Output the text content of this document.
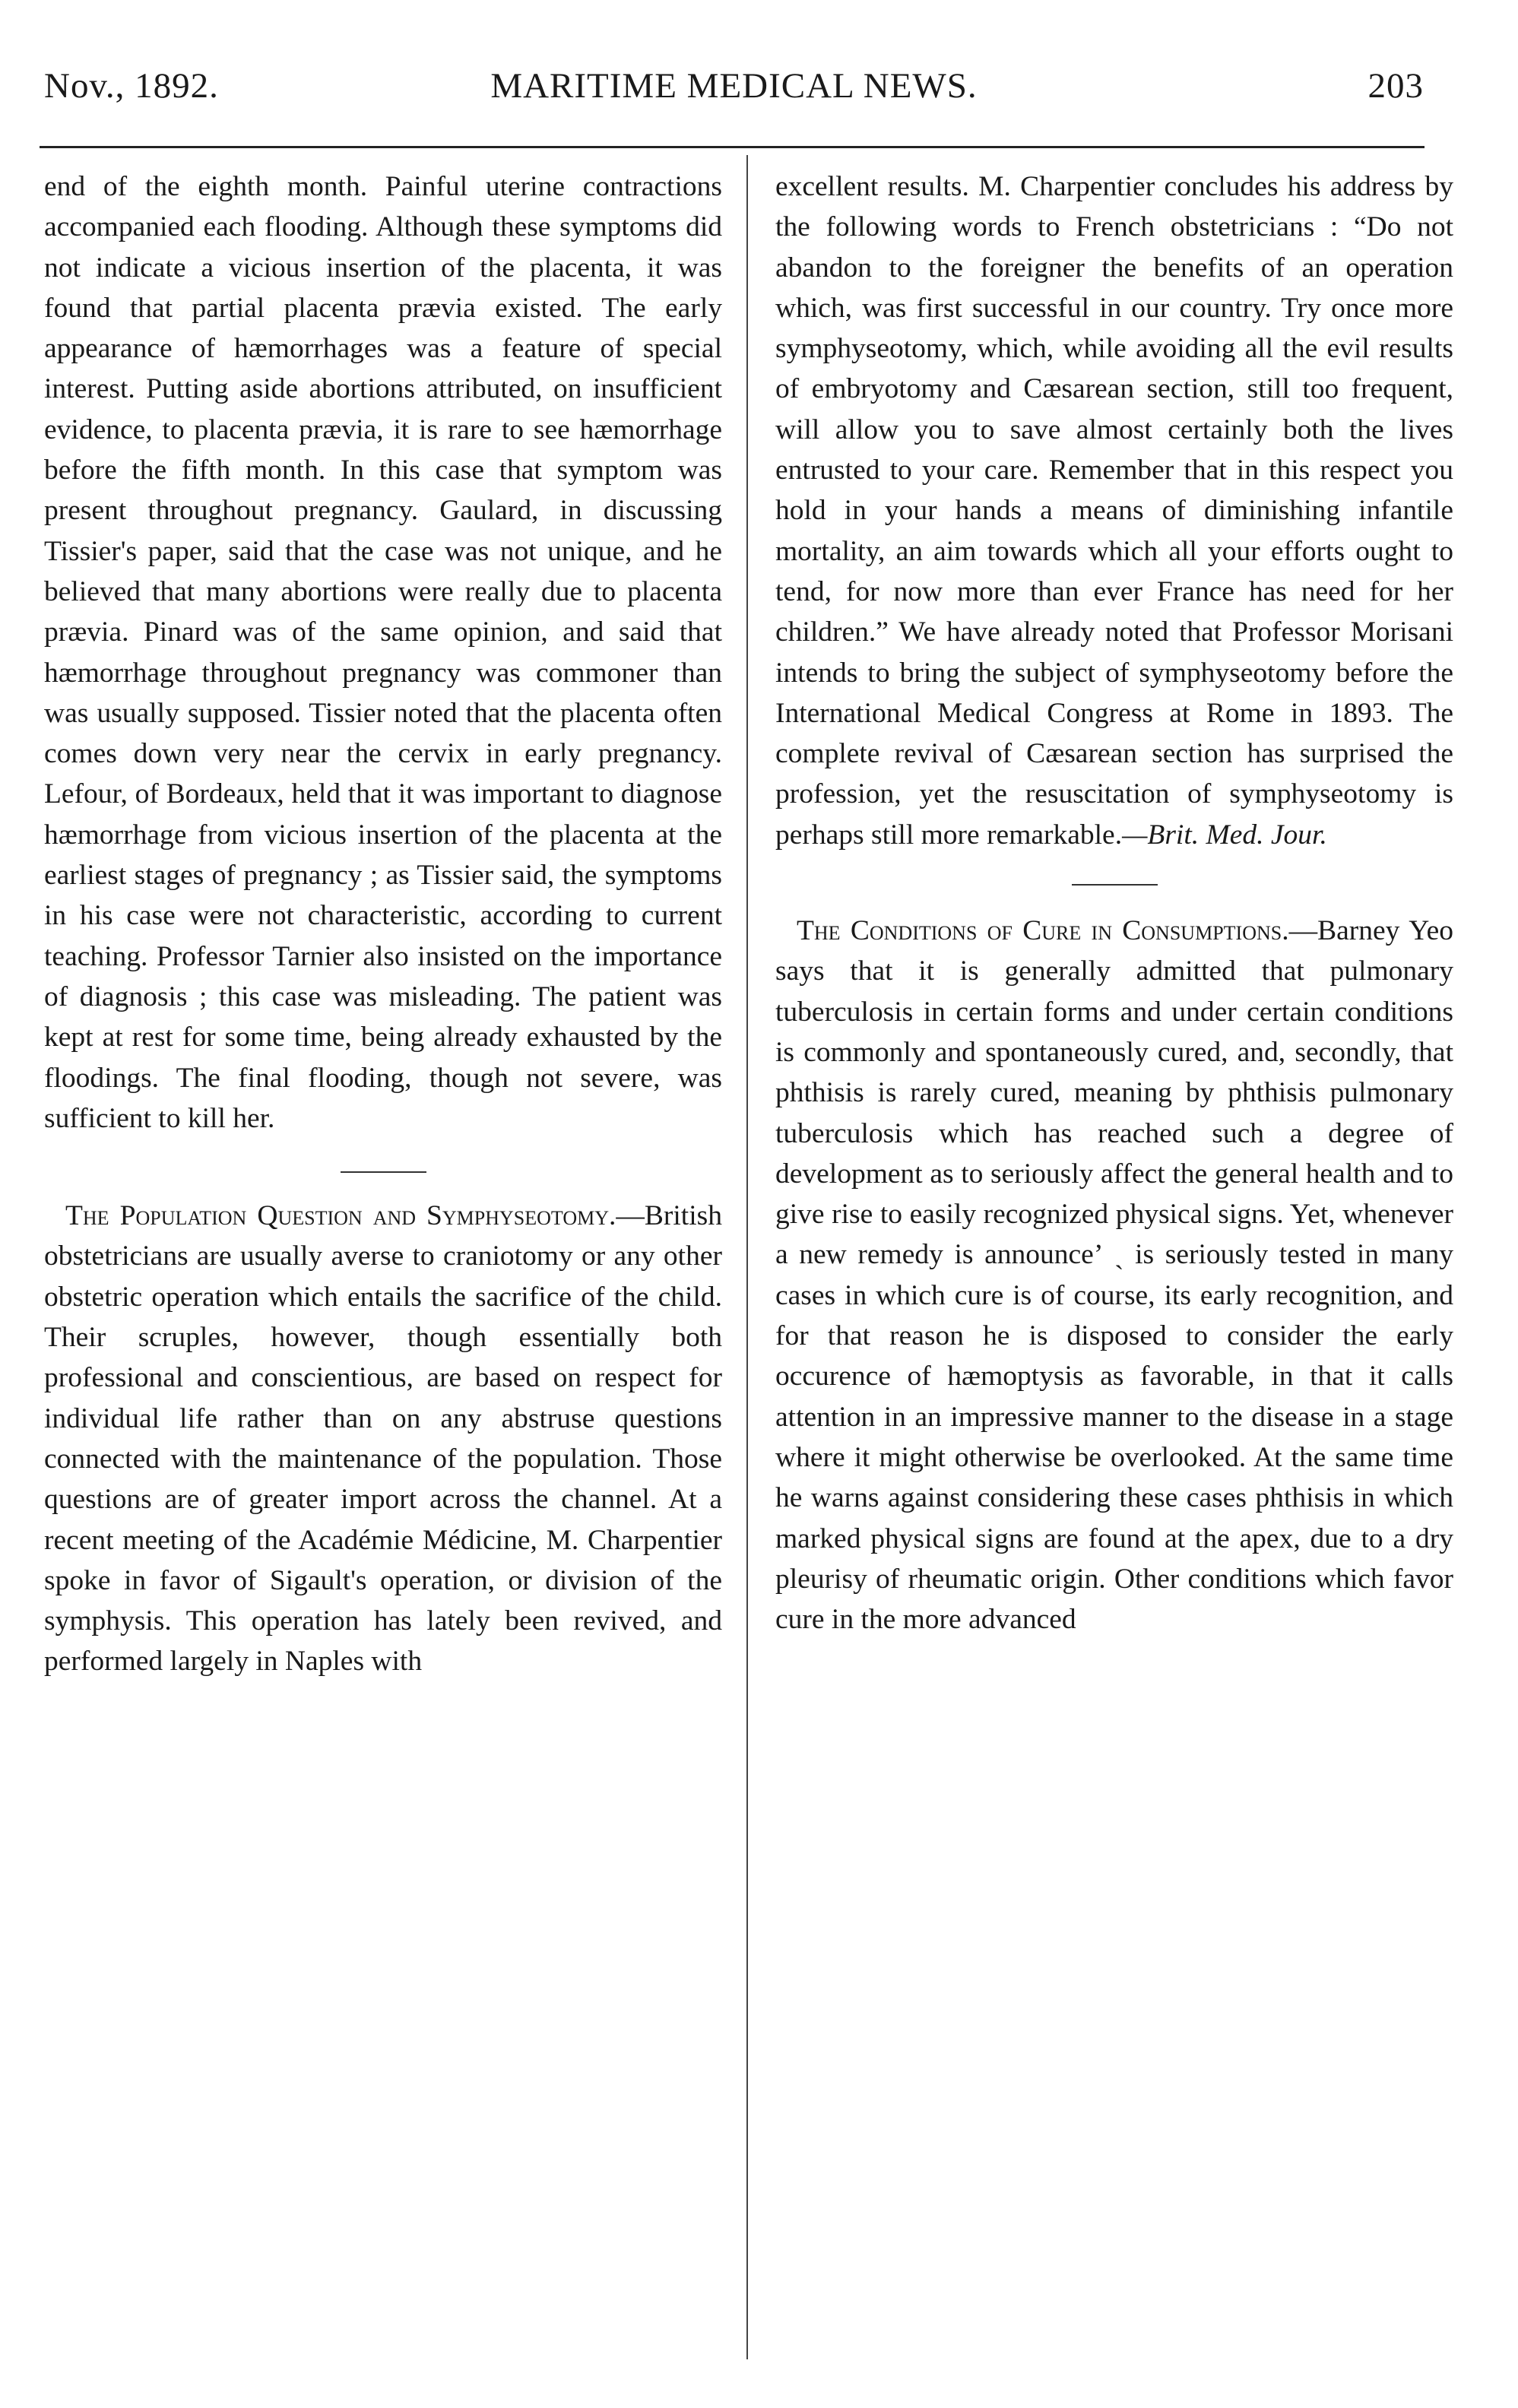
Nov., 1892.	MARITIME MEDICAL NEWS.	203

end of the eighth month. Painful uterine contractions accompanied each flooding. Although these symptoms did not indicate a vicious insertion of the placenta, it was found that partial placenta prævia existed. The early appearance of hæmorrhages was a feature of special interest. Putting aside abortions attributed, on insufficient evidence, to placenta prævia, it is rare to see hæmorrhage before the fifth month. In this case that symptom was present throughout pregnancy. Gaulard, in discussing Tissier's paper, said that the case was not unique, and he believed that many abortions were really due to placenta prævia. Pinard was of the same opinion, and said that hæmorrhage throughout pregnancy was commoner than was usually supposed. Tissier noted that the placenta often comes down very near the cervix in early pregnancy. Lefour, of Bordeaux, held that it was important to diagnose hæmorrhage from vicious insertion of the placenta at the earliest stages of pregnancy ; as Tissier said, the symptoms in his case were not characteristic, according to current teaching. Professor Tarnier also insisted on the importance of diagnosis ; this case was misleading. The patient was kept at rest for some time, being already exhausted by the floodings. The final flooding, though not severe, was sufficient to kill her.

The Population Question and Symphyseotomy.—British obstetricians are usually averse to craniotomy or any other obstetric operation which entails the sacrifice of the child. Their scruples, however, though essentially both professional and conscientious, are based on respect for individual life rather than on any abstruse questions connected with the maintenance of the population. Those questions are of greater import across the channel. At a recent meeting of the Académie Médicine, M. Charpentier spoke in favor of Sigault's operation, or division of the symphysis. This operation has lately been revived, and performed largely in Naples with

excellent results. M. Charpentier concludes his address by the following words to French obstetricians : “Do not abandon to the foreigner the benefits of an operation which, was first successful in our country. Try once more symphyseotomy, which, while avoiding all the evil results of embryotomy and Cæsarean section, still too frequent, will allow you to save almost certainly both the lives entrusted to your care. Remember that in this respect you hold in your hands a means of diminishing infantile mortality, an aim towards which all your efforts ought to tend, for now more than ever France has need for her children.” We have already noted that Professor Morisani intends to bring the subject of symphyseotomy before the International Medical Congress at Rome in 1893. The complete revival of Cæsarean section has surprised the profession, yet the resuscitation of symphyseotomy is perhaps still more remarkable.—Brit. Med. Jour.

The Conditions of Cure in Consumptions.—Barney Yeo says that it is generally admitted that pulmonary tuberculosis in certain forms and under certain conditions is commonly and spontaneously cured, and, secondly, that phthisis is rarely cured, meaning by phthisis pulmonary tuberculosis which has reached such a degree of development as to seriously affect the general health and to give rise to easily recognized physical signs. Yet, whenever a new remedy is announceʼ ˎ is seriously tested in many cases in which cure is of course, its early recognition, and for that reason he is disposed to consider the early occurence of hæmoptysis as favorable, in that it calls attention in an impressive manner to the disease in a stage where it might otherwise be overlooked. At the same time he warns against considering these cases phthisis in which marked physical signs are found at the apex, due to a dry pleurisy of rheumatic origin. Other conditions which favor cure in the more advanced
